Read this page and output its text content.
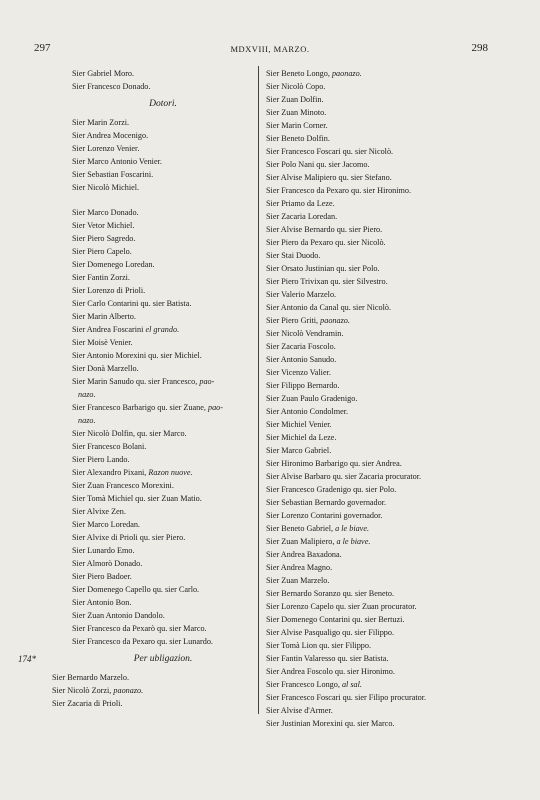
297	MDXVIII, MARZO.	298
Sier Gabriel Moro.
Sier Francesco Donado.
Dotori.
Sier Marin Zorzi.
Sier Andrea Mocenigo.
Sier Lorenzo Venier.
Sier Marco Antonio Venier.
Sier Sebastian Foscarini.
Sier Nicolò Michiel.
Sier Marco Donado.
Sier Vetor Michiel.
Sier Piero Sagredo.
Sier Piero Capelo.
Sier Domenego Loredan.
Sier Fantin Zorzi.
Sier Lorenzo di Prioli.
Sier Carlo Contarini qu. sier Batista.
Sier Marin Alberto.
Sier Andrea Foscarini el grando.
Sier Moisè Venier.
Sier Antonio Morexini qu. sier Michiel.
Sier Donà Marzello.
Sier Marin Sanudo qu. sier Francesco, pao-
nazo.
Sier Francesco Barbarigo qu. sier Zuane, pao-
nazo.
Sier Nicolò Dolfin, qu. sier Marco.
Sier Francesco Bolani.
Sier Piero Lando.
Sier Alexandro Pixani, Razon nuove.
Sier Zuan Francesco Morexini.
Sier Tomà Michiel qu. sier Zuan Matio.
Sier Alvixe Zen.
Sier Marco Loredan.
Sier Alvixe di Prioli qu. sier Piero.
Sier Lunardo Emo.
Sier Almorò Donado.
Sier Piero Badoer.
Sier Domenego Capello qu. sier Carlo.
Sier Antonio Bon.
Sier Zuan Antonio Dandolo.
Sier Francesco da Pexarò qu. sier Marco.
Sier Francesco da Pexaro qu. sier Lunardo.
174*	Per ubligazion.
Sier Bernardo Marzelo.
Sier Nicolò Zorzi, paonazo.
Sier Zacaria di Prioli.
Sier Beneto Longo, paonazo.
Sier Nicolò Copo.
Sier Zuan Dolfin.
Sier Zuan Minoto.
Sier Marin Corner.
Sier Beneto Dolfin.
Sier Francesco Foscari qu. sier Nicolò.
Sier Polo Nani qu. sier Jacomo.
Sier Alvise Malipiero qu. sier Stefano.
Sier Francesco da Pexaro qu. sier Hironimo.
Sier Priamo da Leze.
Sier Zacaria Loredan.
Sier Alvise Bernardo qu. sier Piero.
Sier Piero da Pexaro qu. sier Nicolò.
Sier Stai Duodo.
Sier Orsato Justinian qu. sier Polo.
Sier Piero Trivixan qu. sier Silvestro.
Sier Valerio Marzelo.
Sier Antonio da Canal qu. sier Nicolò.
Sier Piero Griti, paonazo.
Sier Nicolò Vendramin.
Sier Zacaria Foscolo.
Sier Antonio Sanudo.
Sier Vicenzo Valier.
Sier Filippo Bernardo.
Sier Zuan Paulo Gradenigo.
Sier Antonio Condolmer.
Sier Michiel Venier.
Sier Michiel da Leze.
Sier Marco Gabriel.
Sier Hironimo Barbarigo qu. sier Andrea.
Sier Alvise Barbaro qu. sier Zacaria procurator.
Sier Francesco Gradenigo qu. sier Polo.
Sier Sebastian Bernardo governador.
Sier Lorenzo Contarini governador.
Sier Beneto Gabriel, a le biave.
Sier Zuan Malipiero, a le biave.
Sier Andrea Baxadona.
Sier Andrea Magno.
Sier Zuan Marzelo.
Sier Bernardo Soranzo qu. sier Beneto.
Sier Lorenzo Capelo qu. sier Zuan procurator.
Sier Domenego Contarini qu. sier Bertuzi.
Sier Alvise Pasqualigo qu. sier Filippo.
Sier Tomà Lion qu. sier Filippo.
Sier Fantin Valaresso qu. sier Batista.
Sier Andrea Foscolo qu. sier Hironimo.
Sier Francesco Longo, al sal.
Sier Francesco Foscari qu. sier Filipo procurator.
Sier Alvise d'Armer.
Sier Justinian Morexini qu. sier Marco.
